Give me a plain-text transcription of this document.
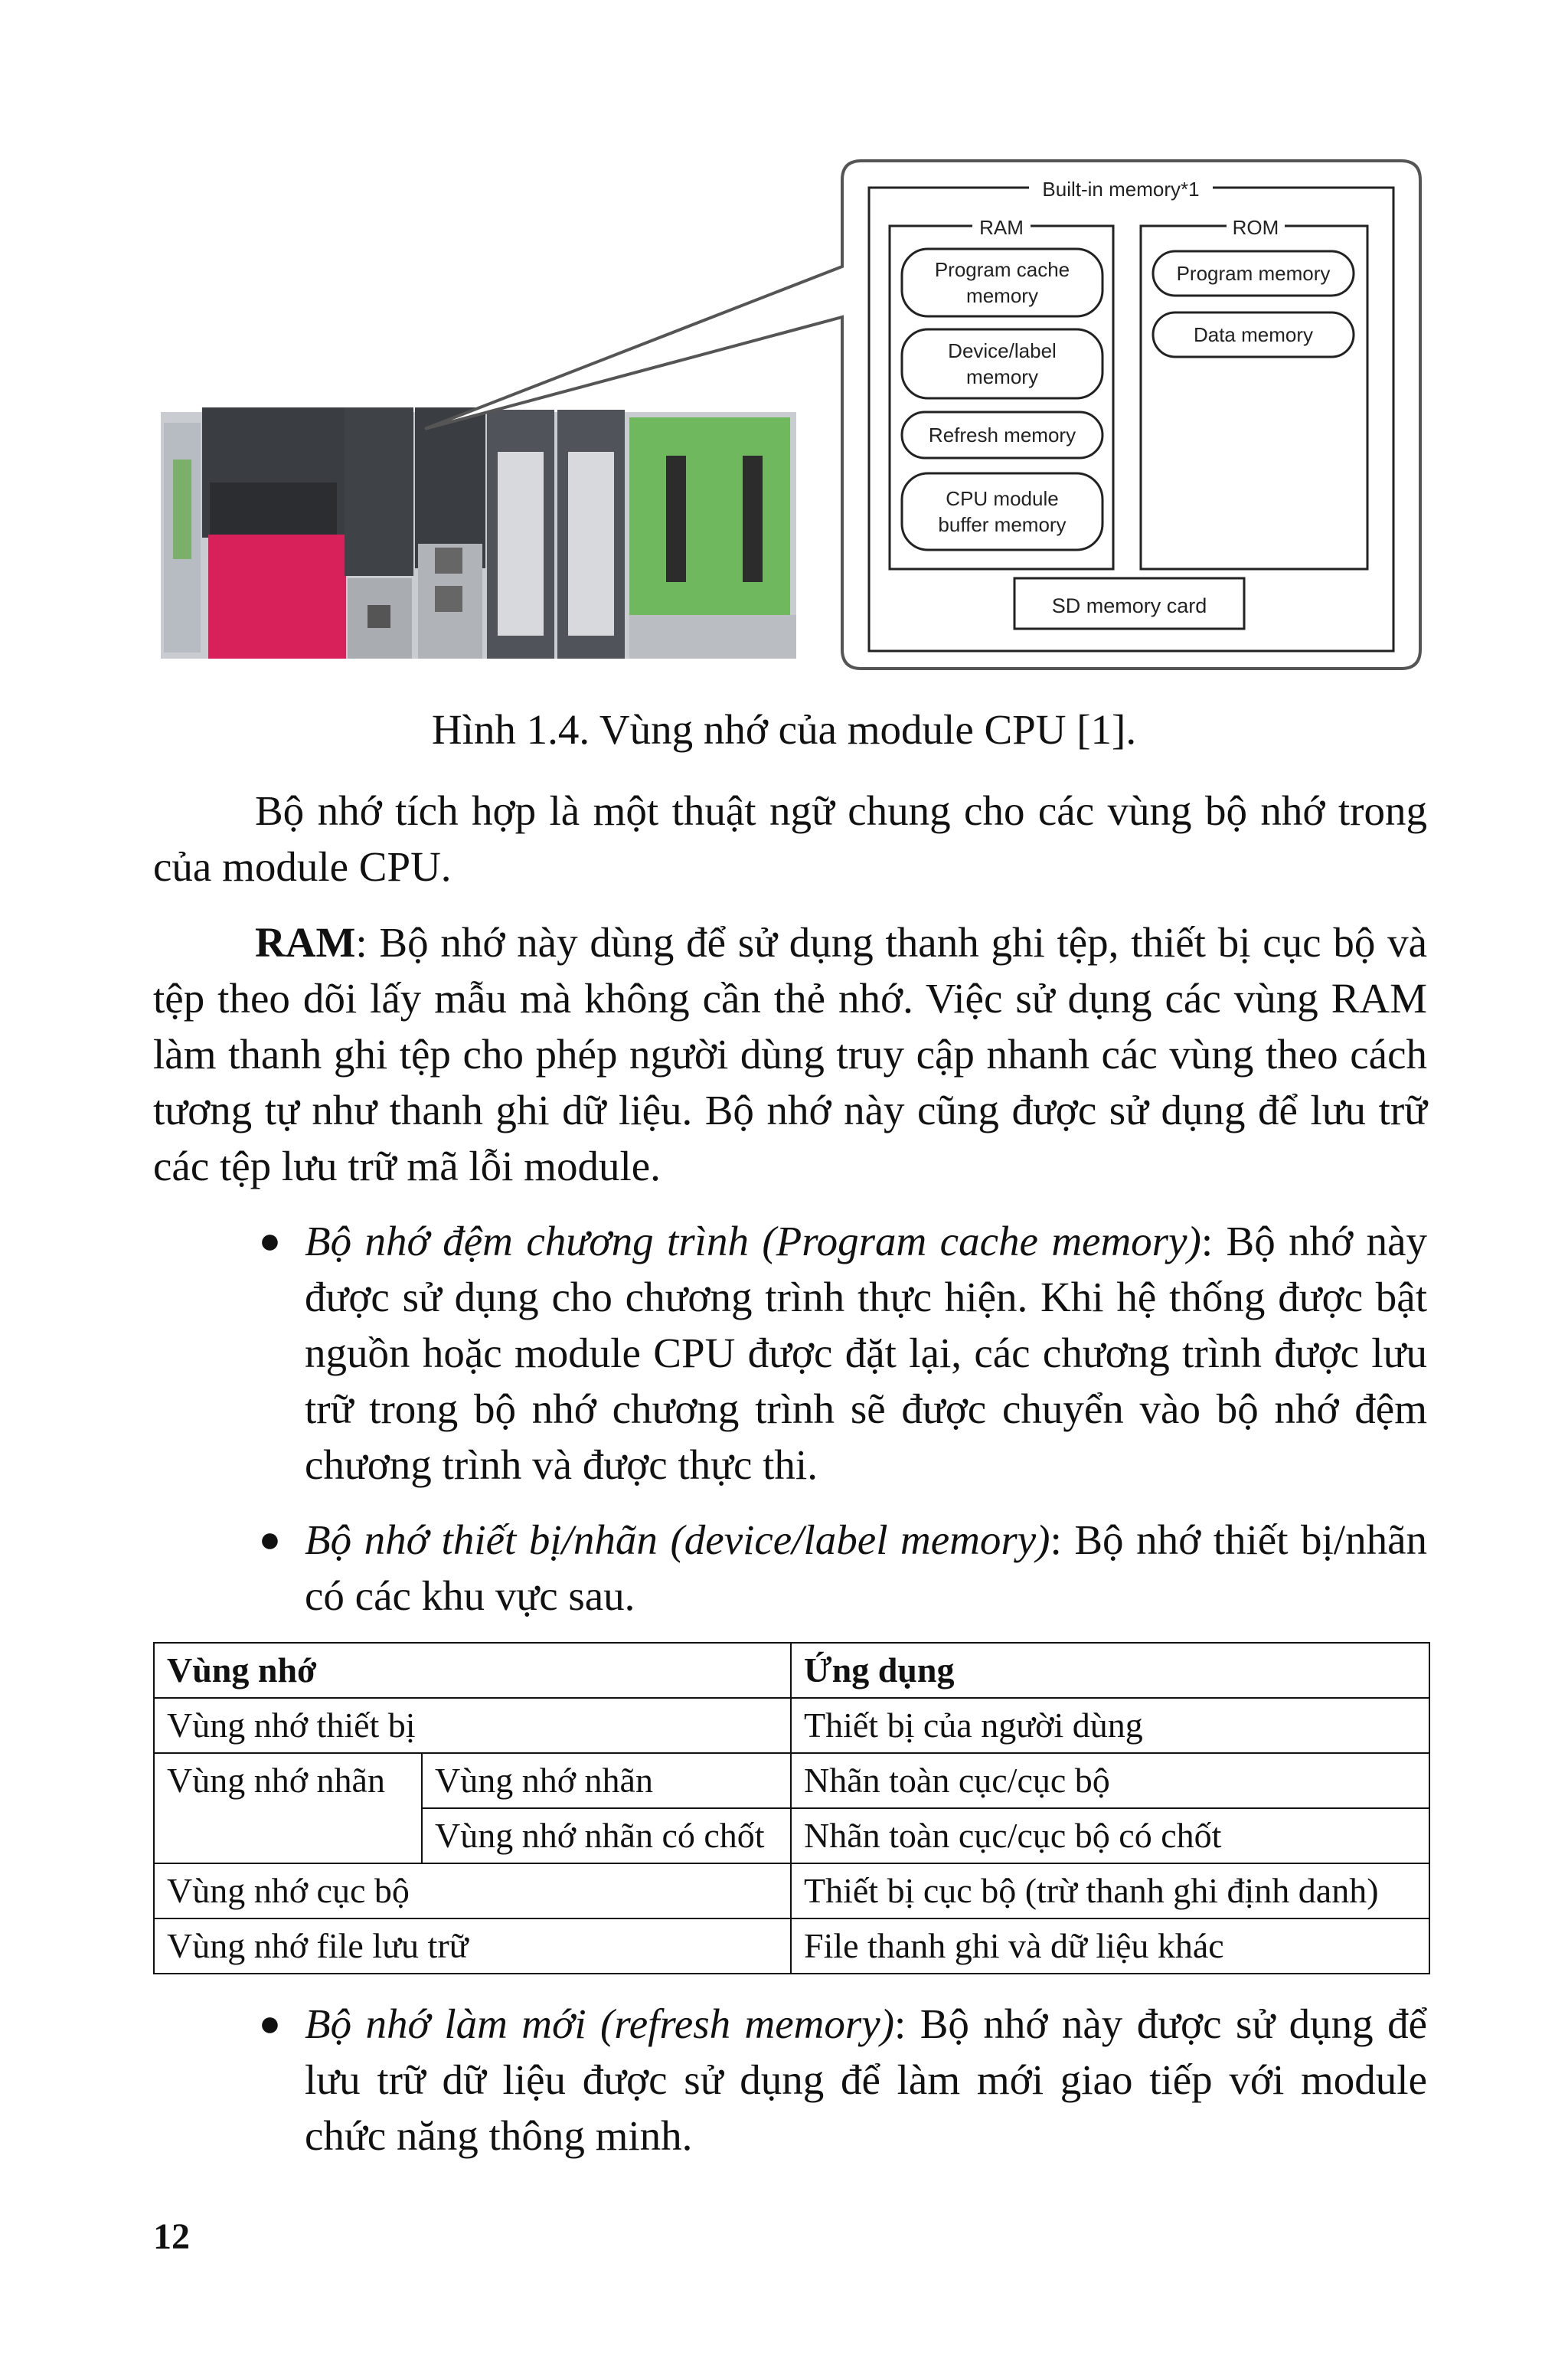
Built-in memory*1
RAM	ROM
Program cache
memory
Device/label
memory
Refresh memory
CPU module
buffer memory
Program memory
Data memory
SD memory card
Hình 1.4. Vùng nhớ của module CPU [1].
Bộ nhớ tích hợp là một thuật ngữ chung cho các vùng bộ nhớ trong của module CPU.
RAM: Bộ nhớ này dùng để sử dụng thanh ghi tệp, thiết bị cục bộ và tệp theo dõi lấy mẫu mà không cần thẻ nhớ. Việc sử dụng các vùng RAM làm thanh ghi tệp cho phép người dùng truy cập nhanh các vùng theo cách tương tự như thanh ghi dữ liệu. Bộ nhớ này cũng được sử dụng để lưu trữ các tệp lưu trữ mã lỗi module.
● Bộ nhớ đệm chương trình (Program cache memory): Bộ nhớ này được sử dụng cho chương trình thực hiện. Khi hệ thống được bật nguồn hoặc module CPU được đặt lại, các chương trình được lưu trữ trong bộ nhớ chương trình sẽ được chuyển vào bộ nhớ đệm chương trình và được thực thi.
● Bộ nhớ thiết bị/nhãn (device/label memory): Bộ nhớ thiết bị/nhãn có các khu vực sau.
Vùng nhớ		Ứng dụng
Vùng nhớ thiết bị		Thiết bị của người dùng
Vùng nhớ nhãn	Vùng nhớ nhãn	Nhãn toàn cục/cục bộ
	Vùng nhớ nhãn có chốt	Nhãn toàn cục/cục bộ có chốt
Vùng nhớ cục bộ		Thiết bị cục bộ (trừ thanh ghi định danh)
Vùng nhớ file lưu trữ		File thanh ghi và dữ liệu khác
● Bộ nhớ làm mới (refresh memory): Bộ nhớ này được sử dụng để lưu trữ dữ liệu được sử dụng để làm mới giao tiếp với module chức năng thông minh.
12
